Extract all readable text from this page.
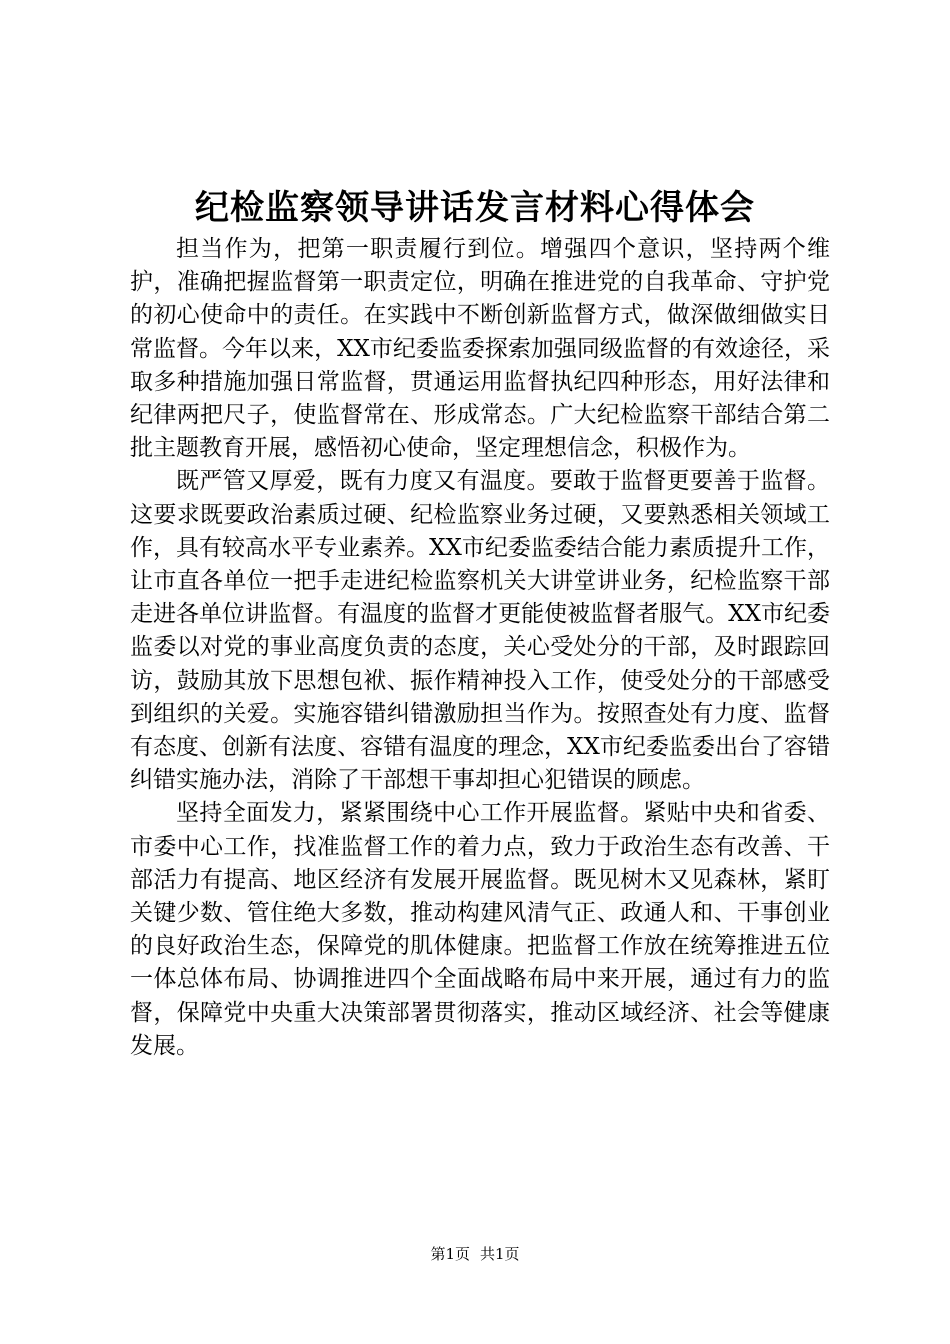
纪检监察领导讲话发言材料心得体会

担当作为，把第一职责履行到位。增强四个意识，坚持两个维护，准确把握监督第一职责定位，明确在推进党的自我革命、守护党的初心使命中的责任。在实践中不断创新监督方式，做深做细做实日常监督。今年以来，XX市纪委监委探索加强同级监督的有效途径，采取多种措施加强日常监督，贯通运用监督执纪四种形态，用好法律和纪律两把尺子，使监督常在、形成常态。广大纪检监察干部结合第二批主题教育开展，感悟初心使命，坚定理想信念，积极作为。

既严管又厚爱，既有力度又有温度。要敢于监督更要善于监督。这要求既要政治素质过硬、纪检监察业务过硬，又要熟悉相关领域工作，具有较高水平专业素养。XX市纪委监委结合能力素质提升工作，让市直各单位一把手走进纪检监察机关大讲堂讲业务，纪检监察干部走进各单位讲监督。有温度的监督才更能使被监督者服气。XX市纪委监委以对党的事业高度负责的态度，关心受处分的干部，及时跟踪回访，鼓励其放下思想包袱、振作精神投入工作，使受处分的干部感受到组织的关爱。实施容错纠错激励担当作为。按照查处有力度、监督有态度、创新有法度、容错有温度的理念，XX市纪委监委出台了容错纠错实施办法，消除了干部想干事却担心犯错误的顾虑。

坚持全面发力，紧紧围绕中心工作开展监督。紧贴中央和省委、市委中心工作，找准监督工作的着力点，致力于政治生态有改善、干部活力有提高、地区经济有发展开展监督。既见树木又见森林，紧盯关键少数、管住绝大多数，推动构建风清气正、政通人和、干事创业的良好政治生态，保障党的肌体健康。把监督工作放在统筹推进五位一体总体布局、协调推进四个全面战略布局中来开展，通过有力的监督，保障党中央重大决策部署贯彻落实，推动区域经济、社会等健康发展。

第1页 共1页
